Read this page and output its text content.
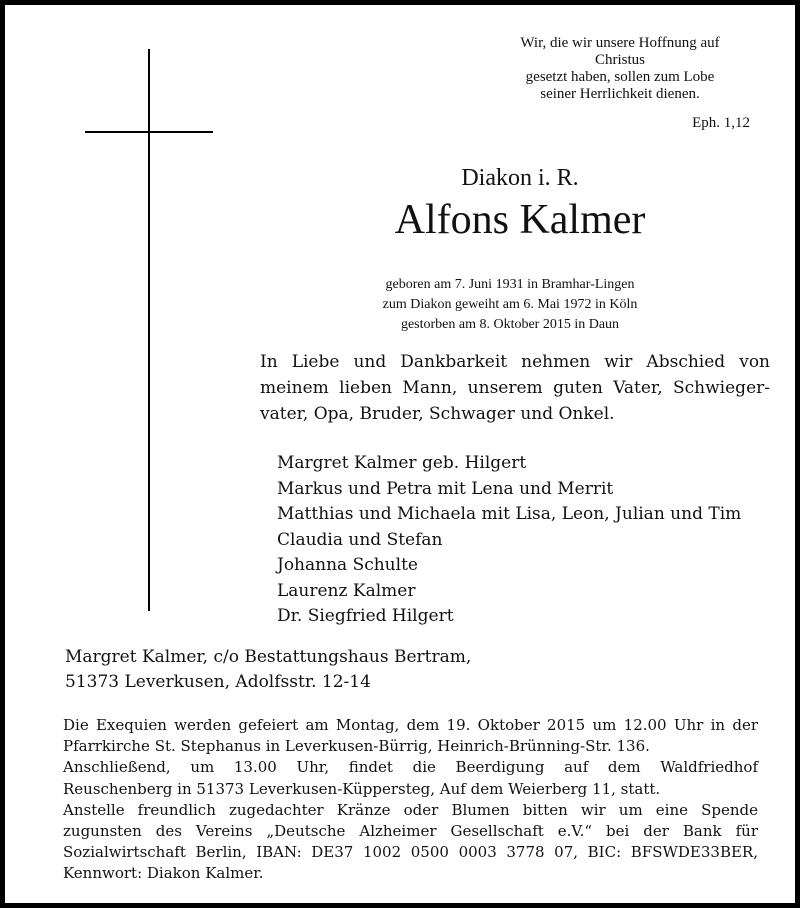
Wir, die wir unsere Hoffnung auf
Christus
gesetzt haben, sollen zum Lobe
seiner Herrlichkeit dienen.
Eph. 1,12
Diakon i. R.
Alfons Kalmer
geboren am 7. Juni 1931 in Bramhar-Lingen
zum Diakon geweiht am 6. Mai 1972 in Köln
gestorben am 8. Oktober 2015 in Daun
In Liebe und Dankbarkeit nehmen wir Abschied von
meinem lieben Mann, unserem guten Vater, Schwieger-
vater, Opa, Bruder, Schwager und Onkel.
Margret Kalmer geb. Hilgert
Markus und Petra mit Lena und Merrit
Matthias und Michaela mit Lisa, Leon, Julian und Tim
Claudia und Stefan
Johanna Schulte
Laurenz Kalmer
Dr. Siegfried Hilgert
Margret Kalmer, c/o Bestattungshaus Bertram,
51373 Leverkusen, Adolfsstr. 12-14
Die Exequien werden gefeiert am Montag, dem 19. Oktober 2015 um 12.00 Uhr in der
Pfarrkirche St. Stephanus in Leverkusen-Bürrig, Heinrich-Brünning-Str. 136.
Anschließend, um 13.00 Uhr, findet die Beerdigung auf dem Waldfriedhof
Reuschenberg in 51373 Leverkusen-Küppersteg, Auf dem Weierberg 11, statt.
Anstelle freundlich zugedachter Kränze oder Blumen bitten wir um eine Spende
zugunsten des Vereins „Deutsche Alzheimer Gesellschaft e.V.“ bei der Bank für
Sozialwirtschaft Berlin, IBAN: DE37 1002 0500 0003 3778 07, BIC: BFSWDE33BER,
Kennwort: Diakon Kalmer.
